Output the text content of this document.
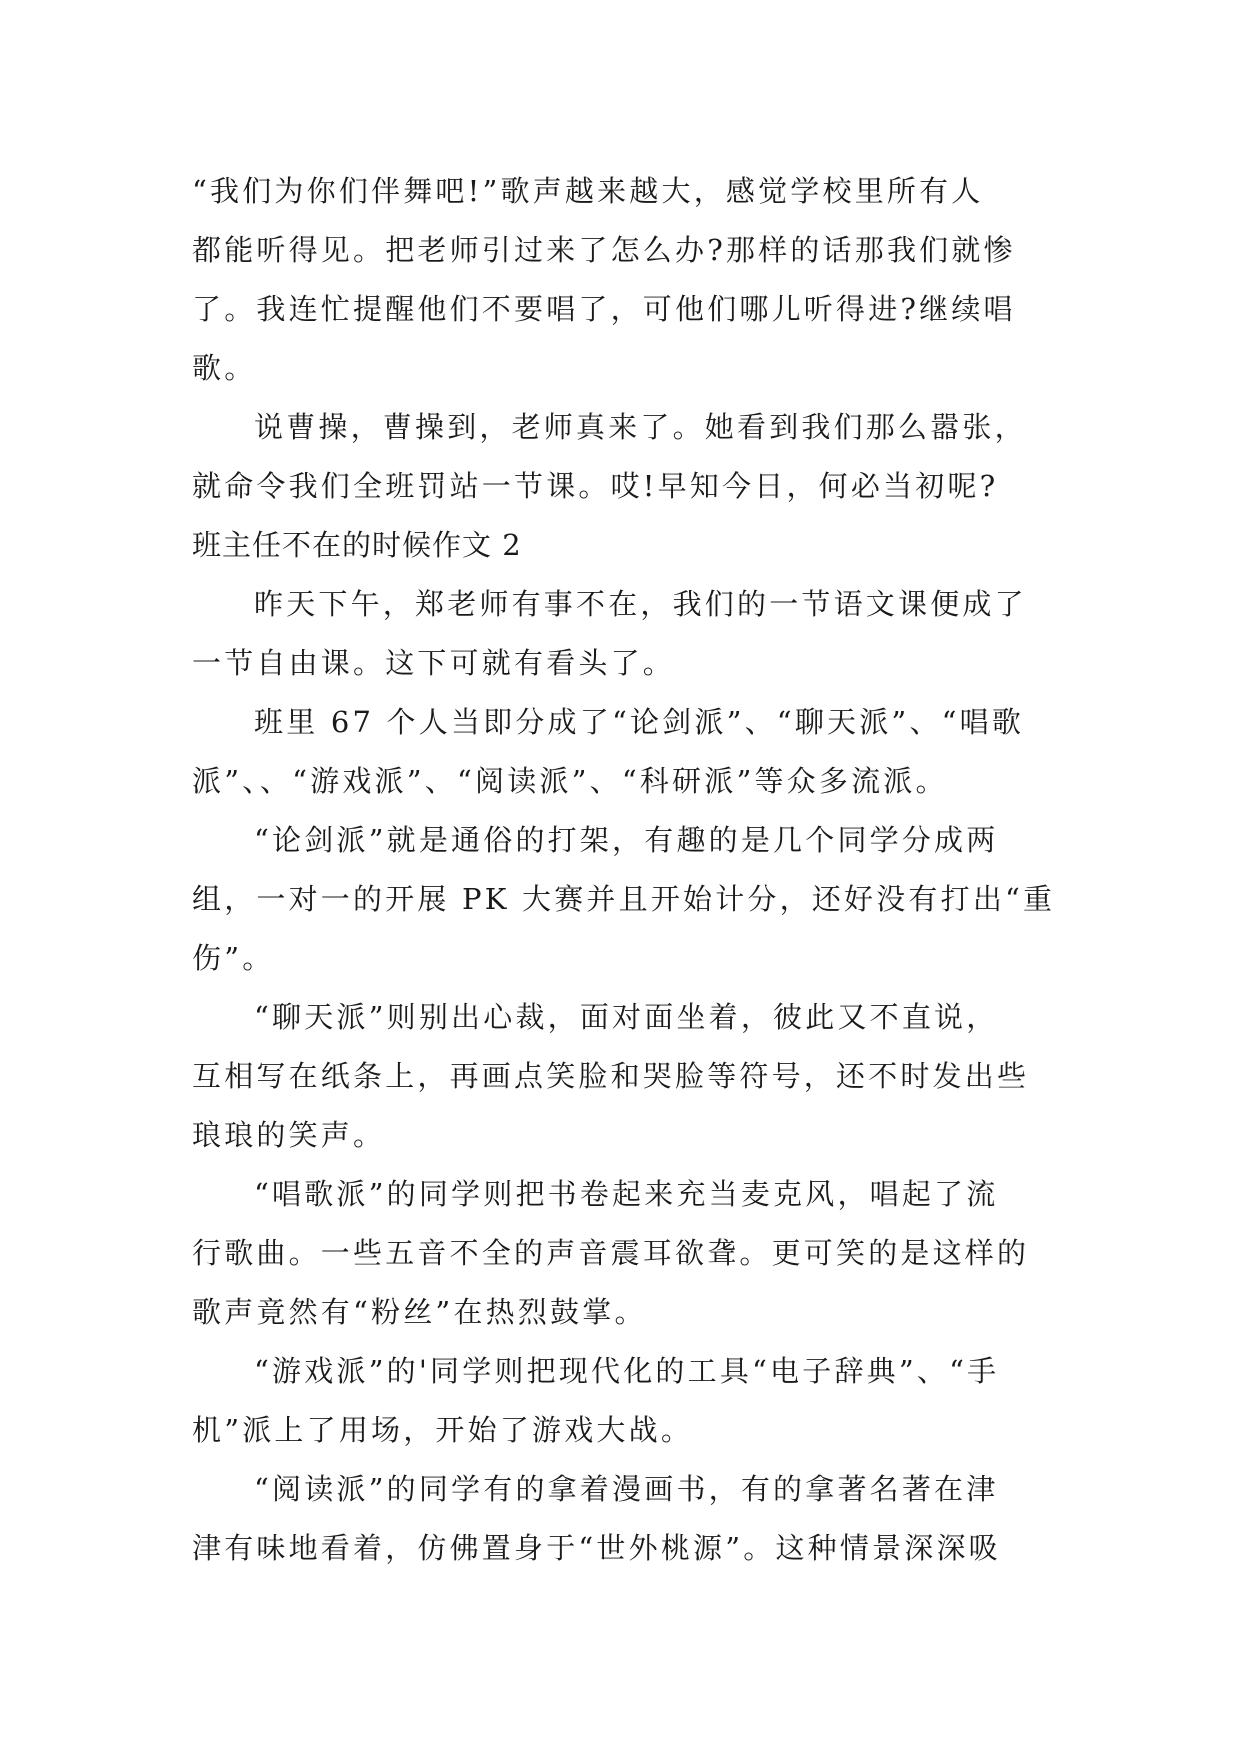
“我们为你们伴舞吧!”歌声越来越大，感觉学校里所有人
都能听得见。把老师引过来了怎么办?那样的话那我们就惨
了。我连忙提醒他们不要唱了，可他们哪儿听得进?继续唱
歌。
说曹操，曹操到，老师真来了。她看到我们那么嚣张，
就命令我们全班罚站一节课。哎!早知今日，何必当初呢?
班主任不在的时候作文 2
昨天下午，郑老师有事不在，我们的一节语文课便成了
一节自由课。这下可就有看头了。
班里 67 个人当即分成了“论剑派”、“聊天派”、“唱歌
派”、、“游戏派”、“阅读派”、“科研派”等众多流派。
“论剑派”就是通俗的打架，有趣的是几个同学分成两
组，一对一的开展 PK 大赛并且开始计分，还好没有打出“重
伤”。
“聊天派”则别出心裁，面对面坐着，彼此又不直说，
互相写在纸条上，再画点笑脸和哭脸等符号，还不时发出些
琅琅的笑声。
“唱歌派”的同学则把书卷起来充当麦克风，唱起了流
行歌曲。一些五音不全的声音震耳欲聋。更可笑的是这样的
歌声竟然有“粉丝”在热烈鼓掌。
“游戏派”的'同学则把现代化的工具“电子辞典”、“手
机”派上了用场，开始了游戏大战。
“阅读派”的同学有的拿着漫画书，有的拿著名著在津
津有味地看着，仿佛置身于“世外桃源”。这种情景深深吸
